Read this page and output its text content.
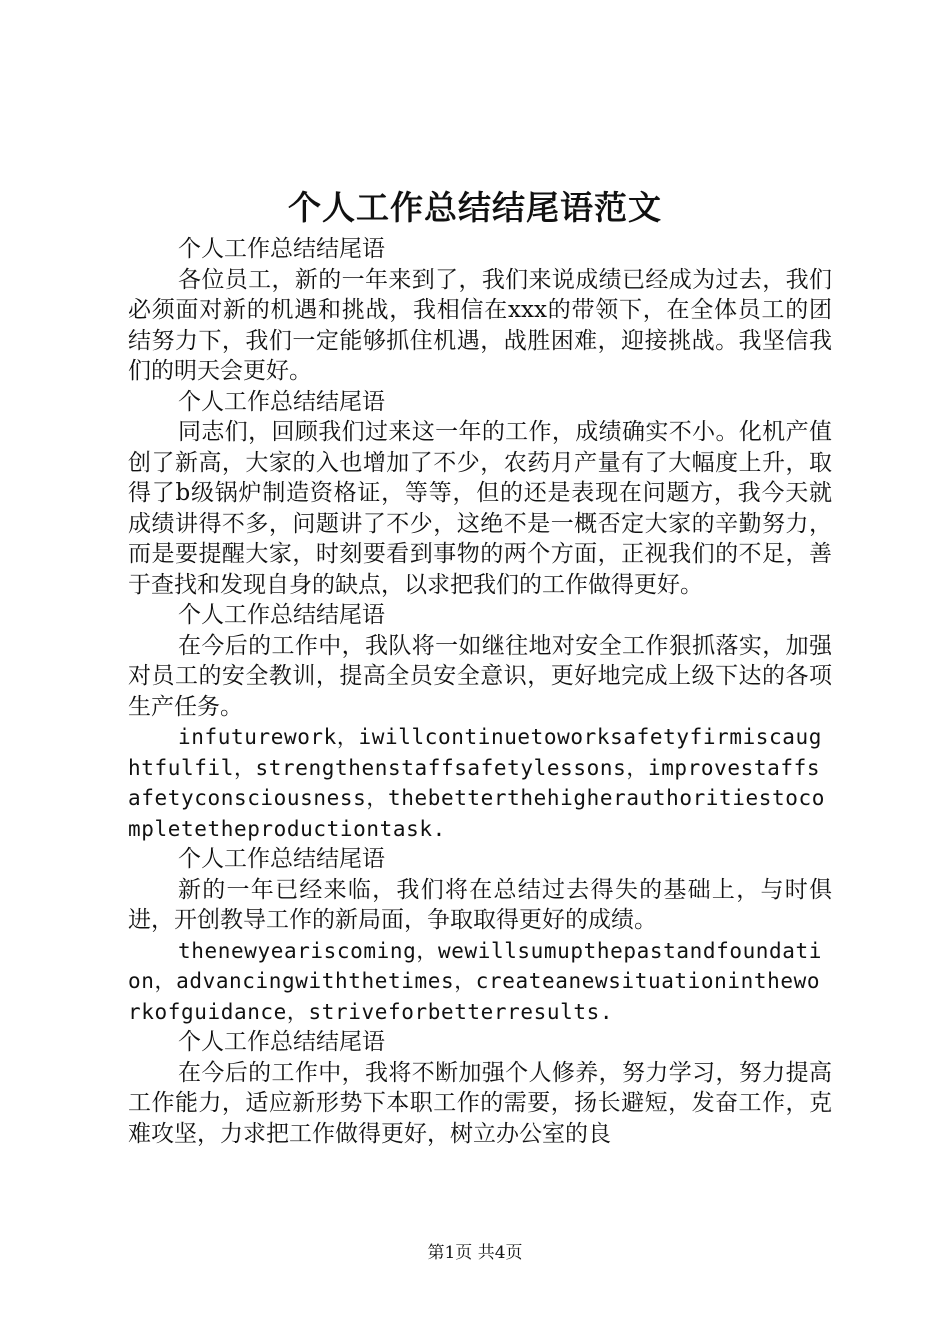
个人工作总结结尾语范文

个人工作总结结尾语

各位员工，新的一年来到了，我们来说成绩已经成为过去，我们必须面对新的机遇和挑战，我相信在xxx的带领下，在全体员工的团结努力下，我们一定能够抓住机遇，战胜困难，迎接挑战。我坚信我们的明天会更好。

个人工作总结结尾语

同志们，回顾我们过来这一年的工作，成绩确实不小。化机产值创了新高，大家的入也增加了不少，农药月产量有了大幅度上升，取得了b级锅炉制造资格证，等等，但的还是表现在问题方，我今天就成绩讲得不多，问题讲了不少，这绝不是一概否定大家的辛勤努力，而是要提醒大家，时刻要看到事物的两个方面，正视我们的不足，善于查找和发现自身的缺点，以求把我们的工作做得更好。

个人工作总结结尾语

在今后的工作中，我队将一如继往地对安全工作狠抓落实，加强对员工的安全教训，提高全员安全意识，更好地完成上级下达的各项生产任务。

infuturework，iwillcontinuetoworksafetyfirmiscaughtfulfil，strengthenstaffsafetylessons，improvestaffsafetyconsciousness，thebetterthehigherauthoritiestocompletetheproductiontask.

个人工作总结结尾语

新的一年已经来临，我们将在总结过去得失的基础上，与时俱进，开创教导工作的新局面，争取取得更好的成绩。

thenewyeariscoming，wewillsumupthepastandfoundation，advancingwiththetimes，createanewsituationintheworkofguidance，striveforbetterresults.

个人工作总结结尾语

在今后的工作中，我将不断加强个人修养，努力学习，努力提高工作能力，适应新形势下本职工作的需要，扬长避短，发奋工作，克难攻坚，力求把工作做得更好，树立办公室的良

第1页 共4页
